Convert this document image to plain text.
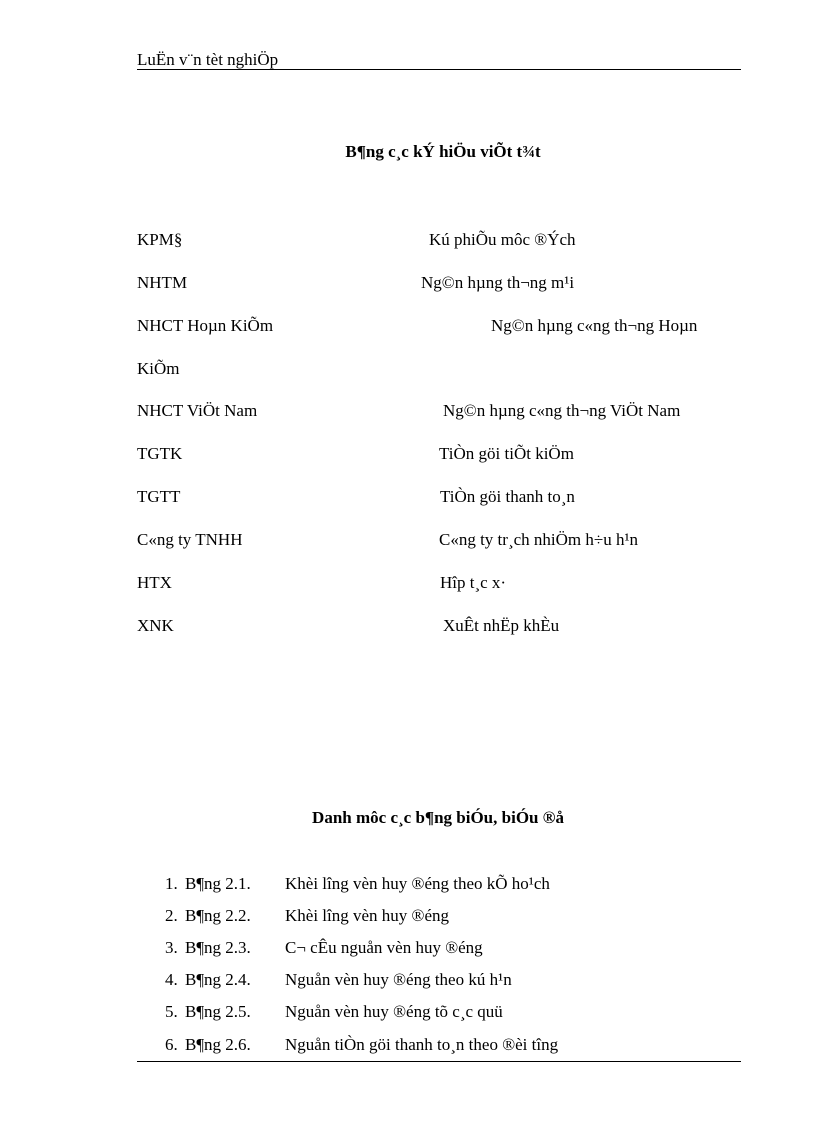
LuËn v¨n tèt nghiÖp
B¶ng c¸c kÝ hiÖu viÕt t¾t
KPM§	Kú phiÕu môc ®Ých
NHTM	Ng©n hµng th¬ng m¹i
NHCT Hoµn KiÕm	Ng©n hµng c«ng th¬ng Hoµn
KiÕm
NHCT ViÖt Nam	Ng©n hµng c«ng th¬ng ViÖt Nam
TGTK	TiÒn göi tiÕt kiÖm
TGTT	TiÒn göi thanh to¸n
C«ng ty TNHH	C«ng ty tr¸ch nhiÖm h÷u h¹n
HTX	Hîp t¸c x·
XNK	XuÊt nhËp khÈu
Danh môc c¸c b¶ng biÓu, biÓu ®å
1. B¶ng 2.1. Khèi lîng vèn huy ®éng theo kÕ ho¹ch
2. B¶ng 2.2. Khèi lîng vèn huy ®éng
3. B¶ng 2.3. C¬ cÊu nguån vèn huy ®éng
4. B¶ng 2.4. Nguån vèn huy ®éng theo kú h¹n
5. B¶ng 2.5. Nguån vèn huy ®éng tõ c¸c quü
6. B¶ng 2.6. Nguån tiÒn göi thanh to¸n theo ®èi tîng
